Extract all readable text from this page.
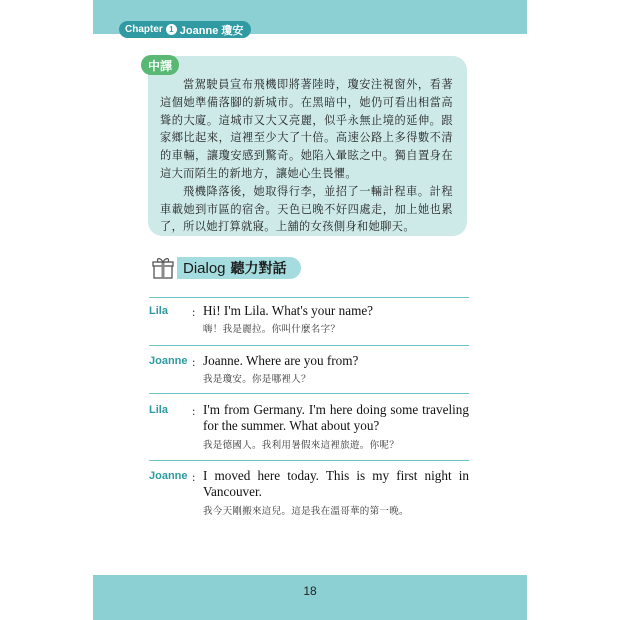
Chapter 1 Joanne 瓊安

當駕駛員宣布飛機即將著陸時，瓊安注視窗外，看著這個她準備落腳的新城市。在黑暗中，她仍可看出相當高聳的大廈。這城市又大又亮麗，似乎永無止境的延伸。跟家鄉比起來，這裡至少大了十倍。高速公路上多得數不清的車輛，讓瓊安感到驚奇。她陷入暈眩之中。獨自置身在這大而陌生的新地方，讓她心生畏懼。

飛機降落後，她取得行李，並招了一輛計程車。計程車載她到市區的宿舍。天色已晚不好四處走，加上她也累了，所以她打算就寢。上舖的女孩側身和她聊天。

中譯
Dialog 聽力對話
Lila	: Hi! I'm Lila. What's your name?
嗨！我是麗拉。你叫什麼名字？
Joanne : Joanne. Where are you from?
我是瓊安。你是哪裡人？
Lila	: I'm from Germany. I'm here doing some traveling for the summer. What about you?
我是德國人。我利用暑假來這裡旅遊。你呢？
Joanne : I moved here today. This is my first night in Vancouver.
我今天剛搬來這兒。這是我在溫哥華的第一晚。
18
